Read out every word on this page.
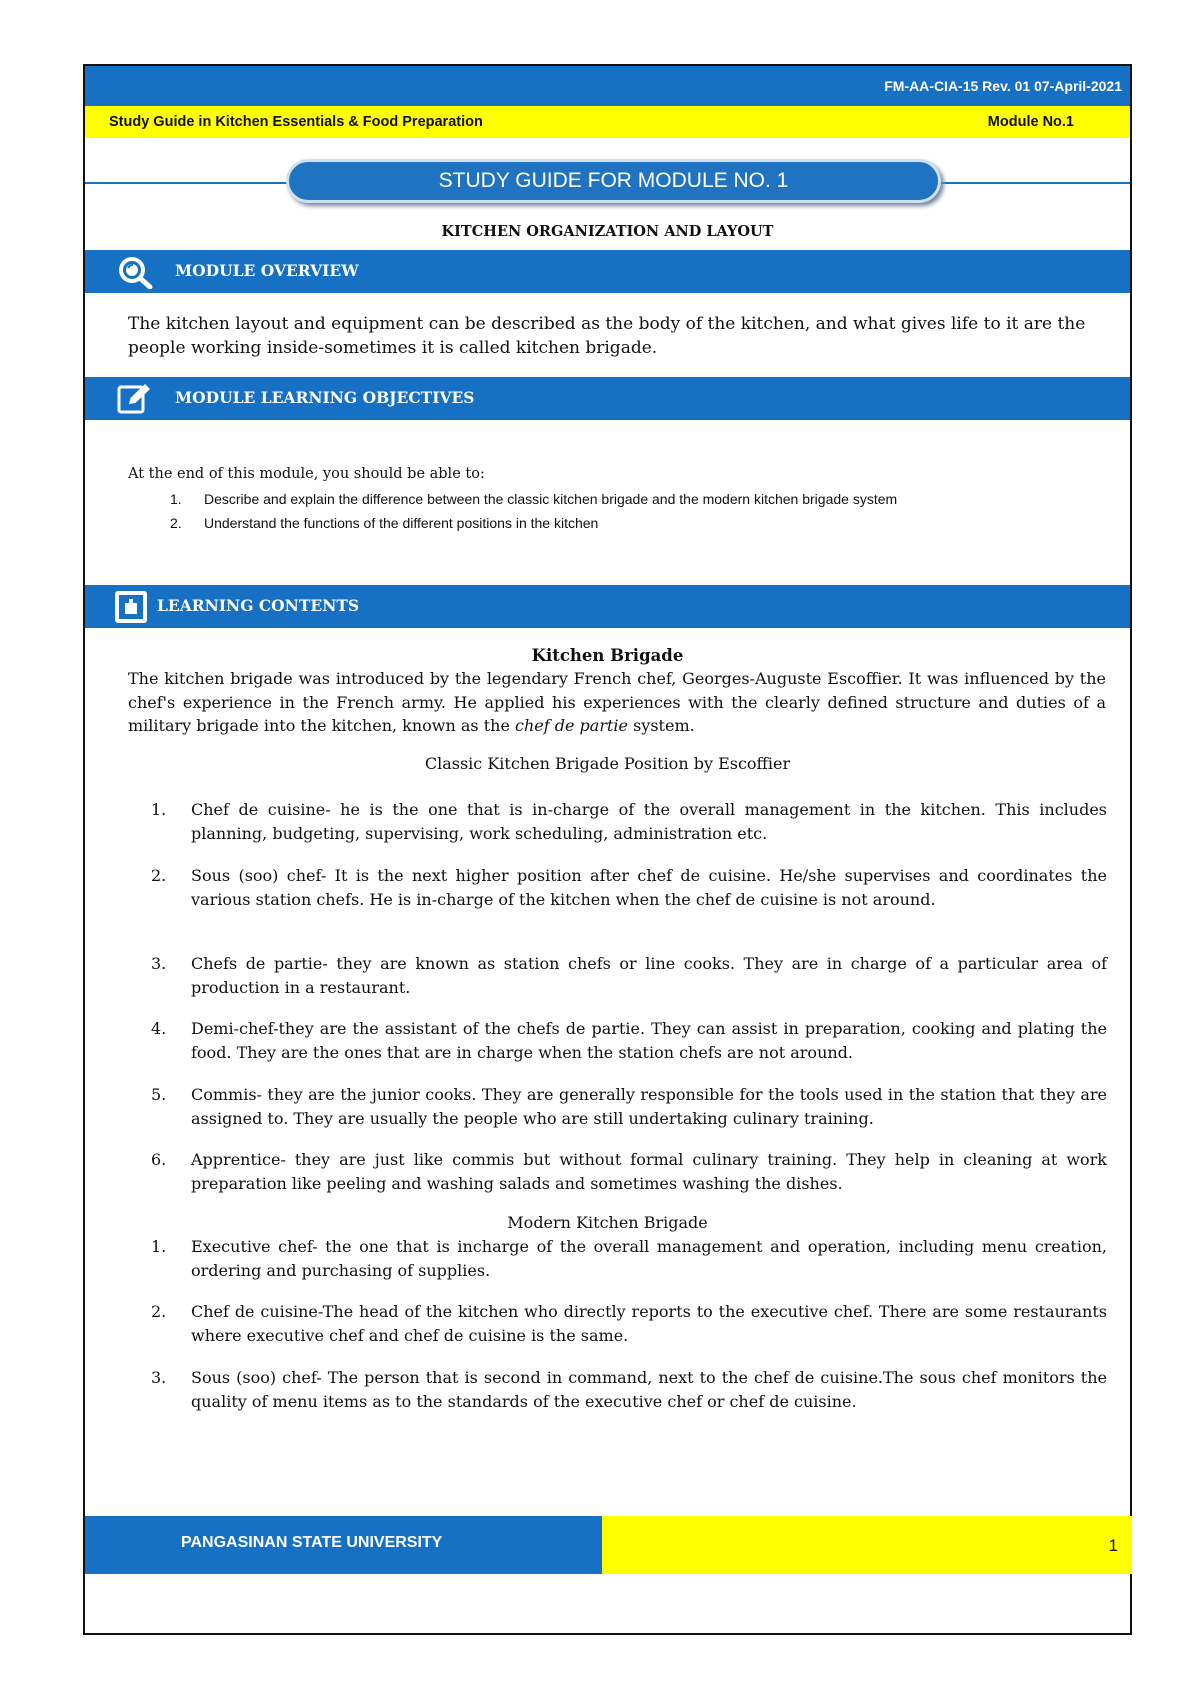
FM-AA-CIA-15 Rev. 01 07-April-2021
Study Guide in Kitchen Essentials & Food Preparation	Module No.1
STUDY GUIDE FOR MODULE NO. 1
KITCHEN ORGANIZATION AND LAYOUT
MODULE OVERVIEW
The kitchen layout and equipment can be described as the body of the kitchen, and what gives life to it are the people working inside-sometimes it is called kitchen brigade.
MODULE LEARNING OBJECTIVES
At the end of this module, you should be able to:
1. Describe and explain the difference between the classic kitchen brigade and the modern kitchen brigade system
2. Understand the functions of the different positions in the kitchen
LEARNING CONTENTS
Kitchen Brigade
The kitchen brigade was introduced by the legendary French chef, Georges-Auguste Escoffier. It was influenced by the chef's experience in the French army. He applied his experiences with the clearly defined structure and duties of a military brigade into the kitchen, known as the chef de partie system.
Classic Kitchen Brigade Position by Escoffier
1. Chef de cuisine- he is the one that is in-charge of the overall management in the kitchen. This includes planning, budgeting, supervising, work scheduling, administration etc.
2. Sous (soo) chef- It is the next higher position after chef de cuisine. He/she supervises and coordinates the various station chefs. He is in-charge of the kitchen when the chef de cuisine is not around.
3. Chefs de partie- they are known as station chefs or line cooks. They are in charge of a particular area of production in a restaurant.
4. Demi-chef-they are the assistant of the chefs de partie. They can assist in preparation, cooking and plating the food. They are the ones that are in charge when the station chefs are not around.
5. Commis- they are the junior cooks. They are generally responsible for the tools used in the station that they are assigned to. They are usually the people who are still undertaking culinary training.
6. Apprentice- they are just like commis but without formal culinary training. They help in cleaning at work preparation like peeling and washing salads and sometimes washing the dishes.
Modern Kitchen Brigade
1. Executive chef- the one that is incharge of the overall management and operation, including menu creation, ordering and purchasing of supplies.
2. Chef de cuisine-The head of the kitchen who directly reports to the executive chef. There are some restaurants where executive chef and chef de cuisine is the same.
3. Sous (soo) chef- The person that is second in command, next to the chef de cuisine.The sous chef monitors the quality of menu items as to the standards of the executive chef or chef de cuisine.
PANGASINAN STATE UNIVERSITY	1
